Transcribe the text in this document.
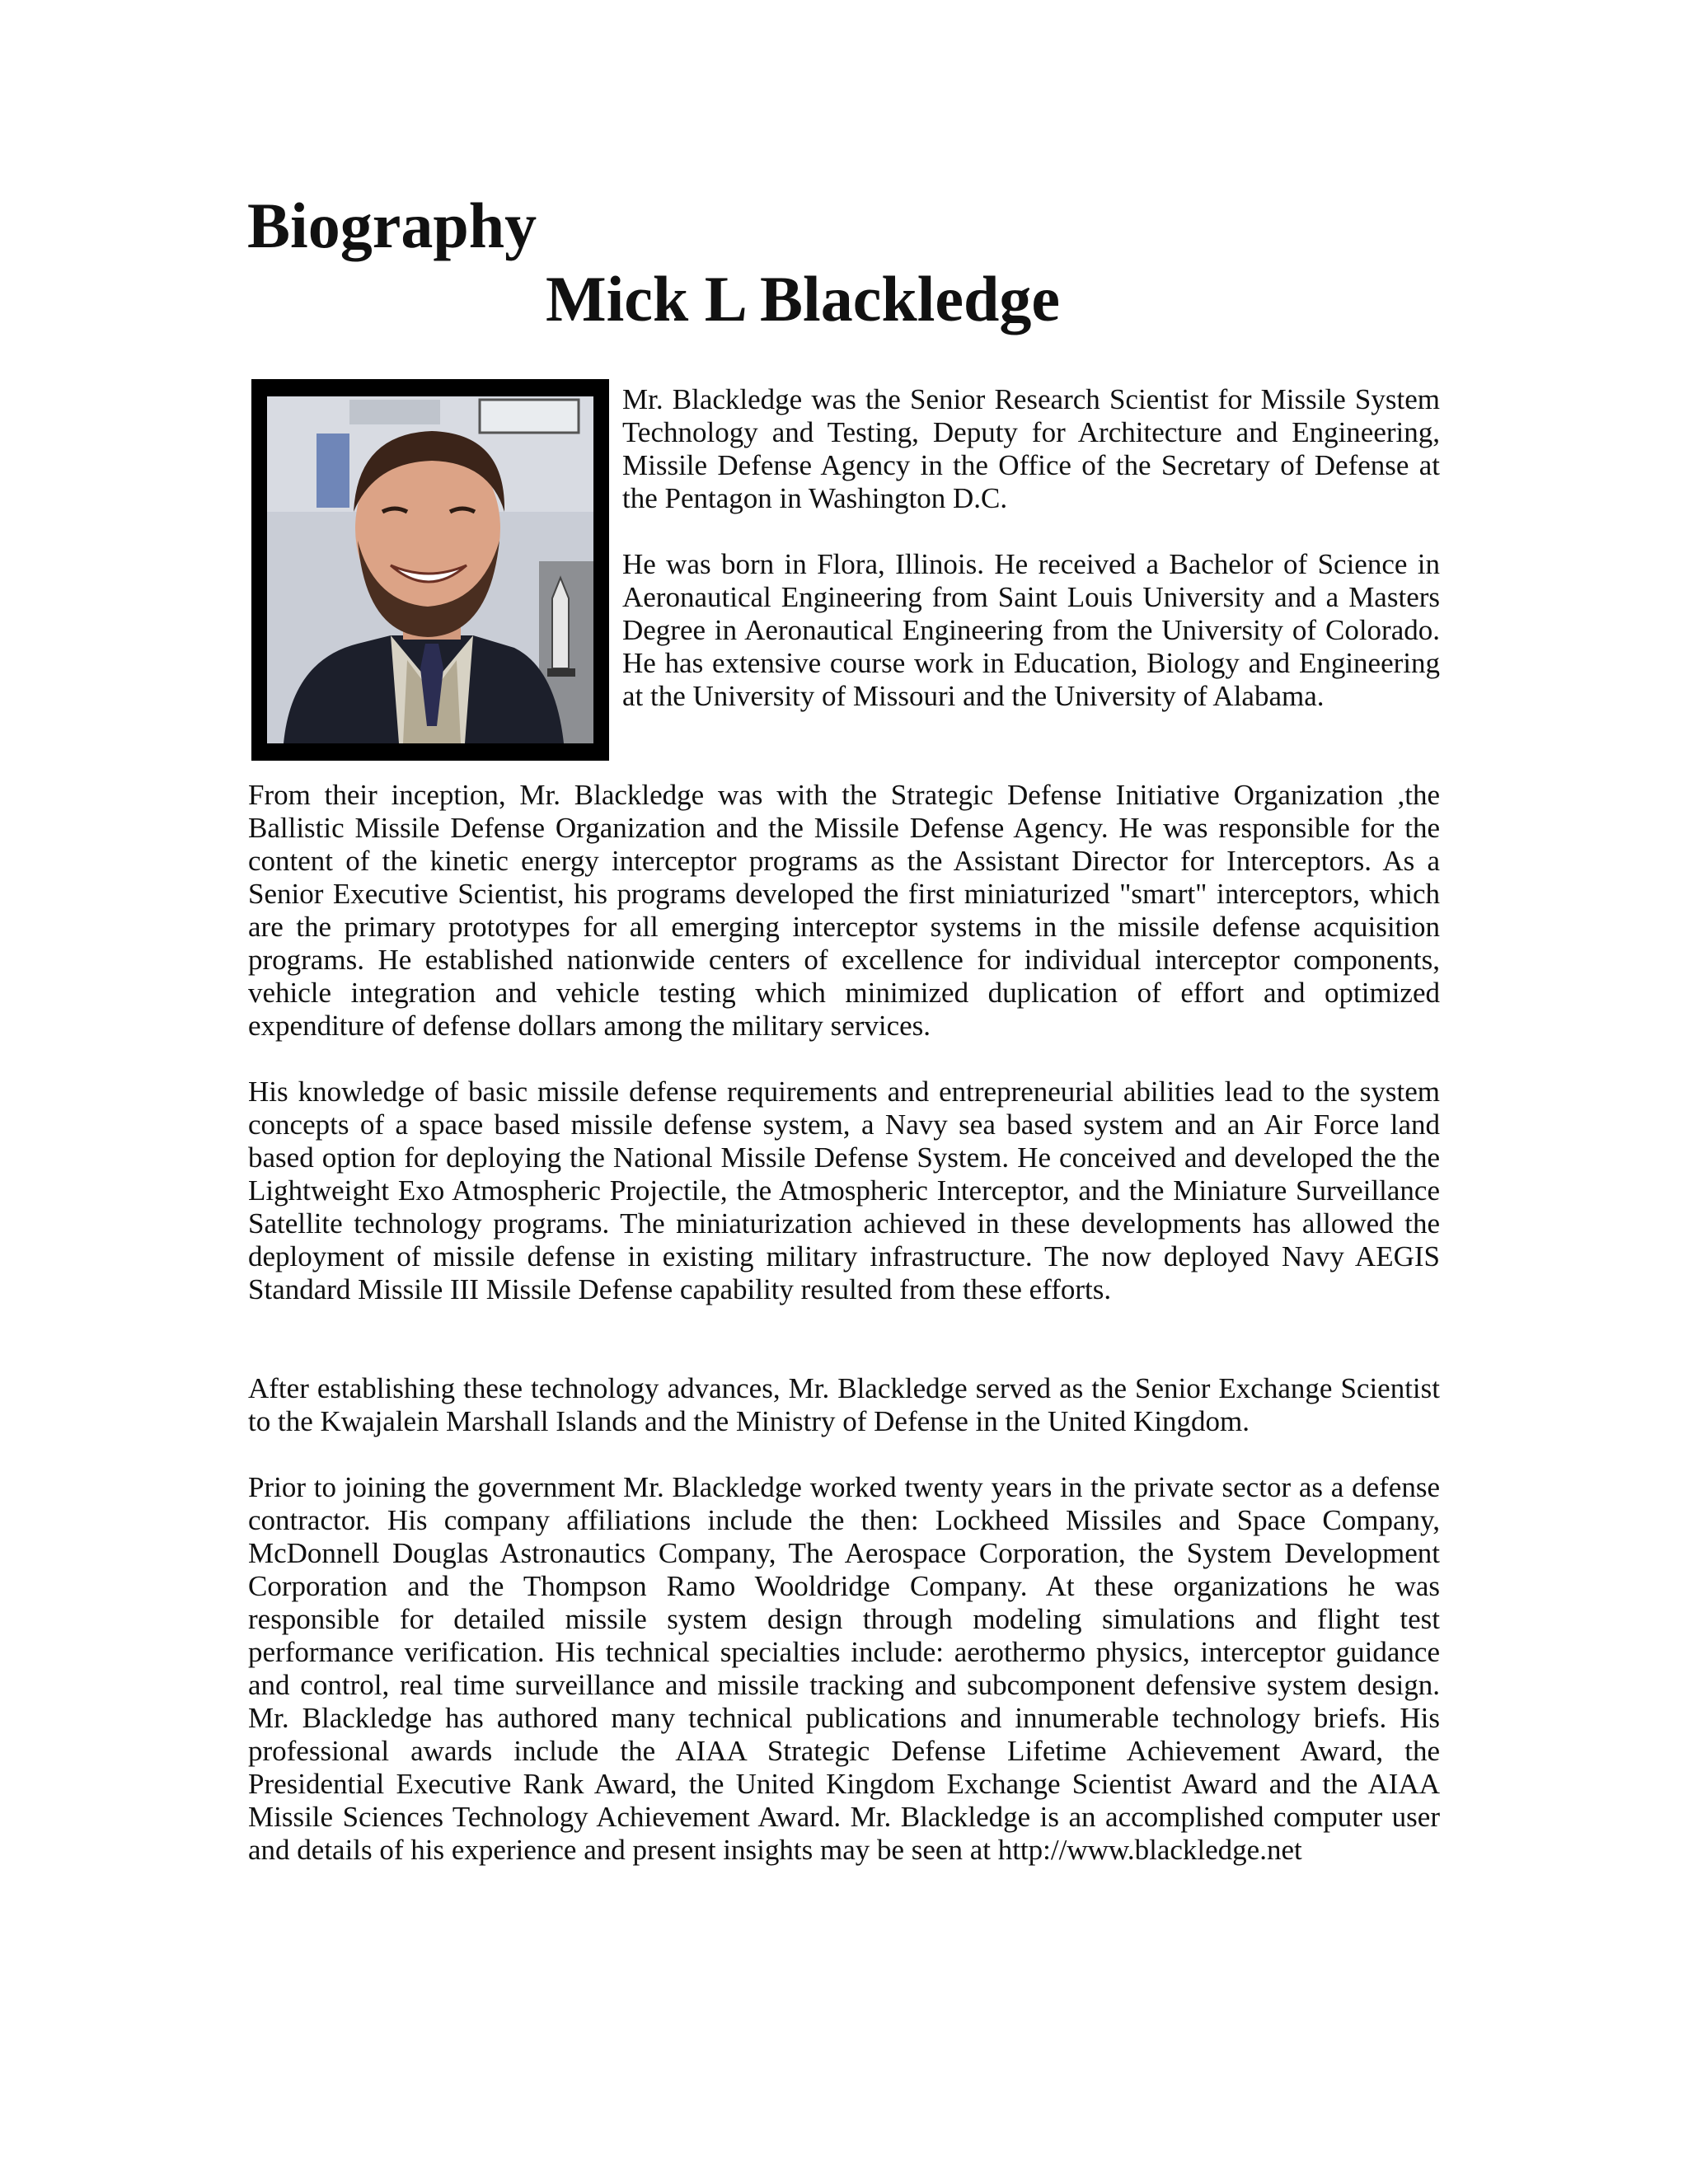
Biography
Mick L Blackledge

Mr. Blackledge was the Senior Research Scientist for Missile System Technology and Testing, Deputy for Architecture and Engineering, Missile Defense Agency in the Office of the Secretary of Defense at the Pentagon in Washington D.C.

He was born in Flora, Illinois. He received a Bachelor of Science in Aeronautical Engineering from Saint Louis University and a Masters Degree in Aeronautical Engineering from the University of Colorado. He has extensive course work in Education, Biology and Engineering at the University of Missouri and the University of Alabama.

From their inception, Mr. Blackledge was with the Strategic Defense Initiative Organization ,the Ballistic Missile Defense Organization and the Missile Defense Agency. He was responsible for the content of the kinetic energy interceptor programs as the Assistant Director for Interceptors. As a Senior Executive Scientist, his programs developed the first miniaturized "smart" interceptors, which are the primary prototypes for all emerging interceptor systems in the missile defense acquisition programs. He established nationwide centers of excellence for individual interceptor components, vehicle integration and vehicle testing which minimized duplication of effort and optimized expenditure of defense dollars among the military services.

His knowledge of basic missile defense requirements and entrepreneurial abilities lead to the system concepts of a space based missile defense system, a Navy sea based system and an Air Force land based option for deploying the National Missile Defense System. He conceived and developed the the Lightweight Exo Atmospheric Projectile, the Atmospheric Interceptor, and the Miniature Surveillance Satellite technology programs. The miniaturization achieved in these developments has allowed the deployment of missile defense in existing military infrastructure. The now deployed Navy AEGIS Standard Missile III Missile Defense capability resulted from these efforts.

After establishing these technology advances, Mr. Blackledge served as the Senior Exchange Scientist to the Kwajalein Marshall Islands and the Ministry of Defense in the United Kingdom.

Prior to joining the government Mr. Blackledge worked twenty years in the private sector as a defense contractor. His company affiliations include the then: Lockheed Missiles and Space Company, McDonnell Douglas Astronautics Company, The Aerospace Corporation, the System Development Corporation and the Thompson Ramo Wooldridge Company. At these organizations he was responsible for detailed missile system design through modeling simulations and flight test performance verification. His technical specialties include: aerothermo physics, interceptor guidance and control, real time surveillance and missile tracking and subcomponent defensive system design. Mr. Blackledge has authored many technical publications and innumerable technology briefs. His professional awards include the AIAA Strategic Defense Lifetime Achievement Award, the Presidential Executive Rank Award, the United Kingdom Exchange Scientist Award and the AIAA Missile Sciences Technology Achievement Award. Mr. Blackledge is an accomplished computer user and details of his experience and present insights may be seen at http://www.blackledge.net
